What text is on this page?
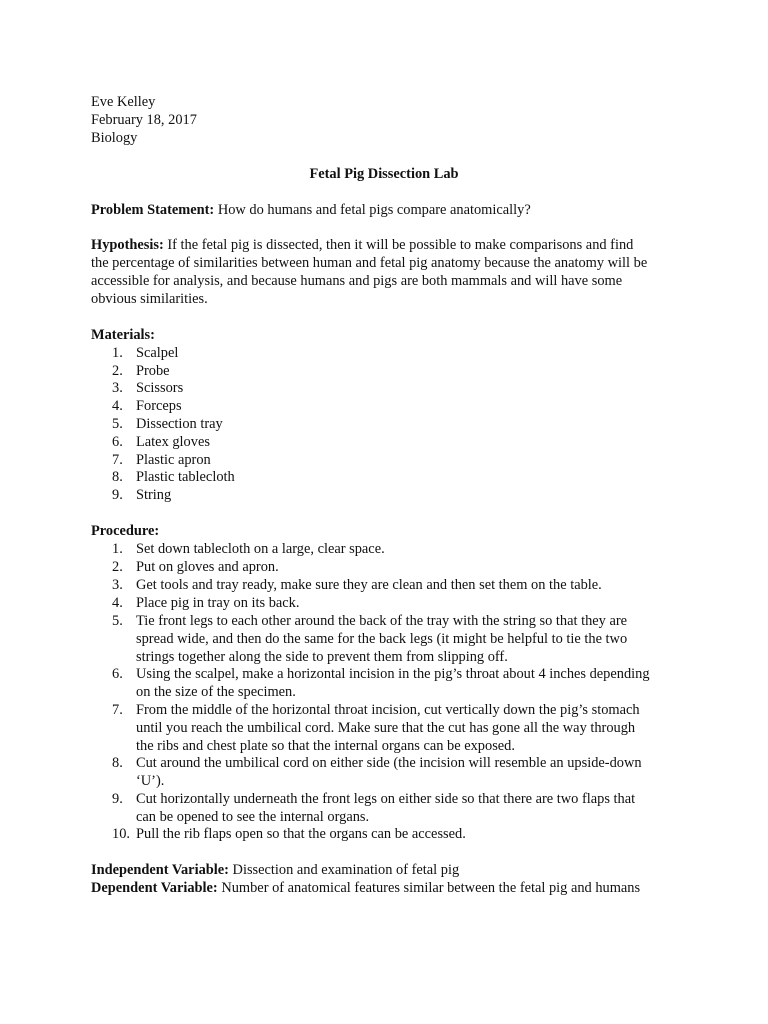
Eve Kelley
February 18, 2017
Biology
Fetal Pig Dissection Lab
Problem Statement: How do humans and fetal pigs compare anatomically?
Hypothesis: If the fetal pig is dissected, then it will be possible to make comparisons and find
the percentage of similarities between human and fetal pig anatomy because the anatomy will be
accessible for analysis, and because humans and pigs are both mammals and will have some
obvious similarities.
Materials:
1. Scalpel
2. Probe
3. Scissors
4. Forceps
5. Dissection tray
6. Latex gloves
7. Plastic apron
8. Plastic tablecloth
9. String
Procedure:
1. Set down tablecloth on a large, clear space.
2. Put on gloves and apron.
3. Get tools and tray ready, make sure they are clean and then set them on the table.
4. Place pig in tray on its back.
5. Tie front legs to each other around the back of the tray with the string so that they are
spread wide, and then do the same for the back legs (it might be helpful to tie the two
strings together along the side to prevent them from slipping off.
6. Using the scalpel, make a horizontal incision in the pig’s throat about 4 inches depending
on the size of the specimen.
7. From the middle of the horizontal throat incision, cut vertically down the pig’s stomach
until you reach the umbilical cord. Make sure that the cut has gone all the way through
the ribs and chest plate so that the internal organs can be exposed.
8. Cut around the umbilical cord on either side (the incision will resemble an upside-down
‘U’).
9. Cut horizontally underneath the front legs on either side so that there are two flaps that
can be opened to see the internal organs.
10. Pull the rib flaps open so that the organs can be accessed.
Independent Variable: Dissection and examination of fetal pig
Dependent Variable: Number of anatomical features similar between the fetal pig and humans
